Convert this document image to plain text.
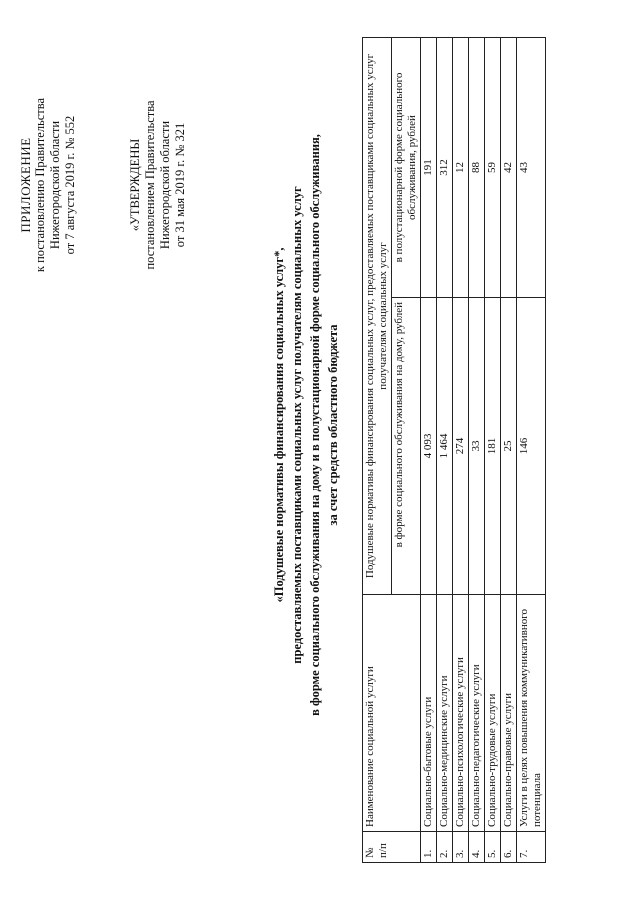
ПРИЛОЖЕНИЕ к постановлению Правительства Нижегородской области от 7 августа 2019 г. № 552	«УТВЕРЖДЕНЫ постановлением Правительства Нижегородской области от 31 мая 2019 г. № 321
«Подушевые нормативы финансирования социальных услуг*, предоставляемых поставщиками социальных услуг получателям социальных услуг в форме социального обслуживания на дому и в полустационарной форме социального обслуживания, за счет средств областного бюджета
№ п/п	Наименование социальной услуги	Подушевые нормативы финансирования социальных услуг, предоставляемых поставщиками социальных услуг получателям социальных услуг	
		в форме социального обслуживания на дому, рублей	в полустационарной форме социального обслуживания, рублей
1.	Социально-бытовые услуги	4 093	191
2.	Социально-медицинские услуги	1 464	312
3.	Социально-психологические услуги	274	12
4.	Социально-педагогические услуги	33	88
5.	Социально-трудовые услуги	181	59
6.	Социально-правовые услуги	25	42
7.	Услуги в целях повышения коммуникативного потенциала	146	43
